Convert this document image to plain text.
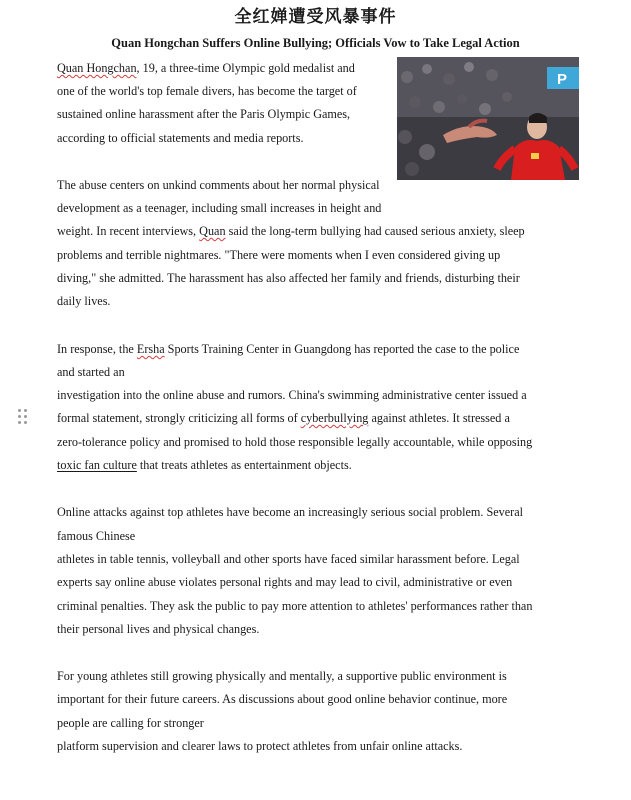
全红婵遭受风暴事件
Quan Hongchan Suffers Online Bullying; Officials Vow to Take Legal Action
P
Quan Hongchan, 19, a three-time Olympic gold medalist and
one of the world's top female divers, has become the target of
sustained online harassment after the Paris Olympic Games,
according to official statements and media reports.
The abuse centers on unkind comments about her normal physical
development as a teenager, including small increases in height and
weight. In recent interviews, Quan said the long-term bullying had caused serious anxiety, sleep
problems and terrible nightmares. "There were moments when I even considered giving up
diving," she admitted. The harassment has also affected her family and friends, disturbing their
daily lives.
In response, the Ersha Sports Training Center in Guangdong has reported the case to the police
and started an
investigation into the online abuse and rumors. China's swimming administrative center issued a
formal statement, strongly criticizing all forms of cyberbullying against athletes. It stressed a
zero-tolerance policy and promised to hold those responsible legally accountable, while opposing
toxic fan culture that treats athletes as entertainment objects.
Online attacks against top athletes have become an increasingly serious social problem. Several
famous Chinese
athletes in table tennis, volleyball and other sports have faced similar harassment before. Legal
experts say online abuse violates personal rights and may lead to civil, administrative or even
criminal penalties. They ask the public to pay more attention to athletes' performances rather than
their personal lives and physical changes.
For young athletes still growing physically and mentally, a supportive public environment is
important for their future careers. As discussions about good online behavior continue, more
people are calling for stronger
platform supervision and clearer laws to protect athletes from unfair online attacks.
